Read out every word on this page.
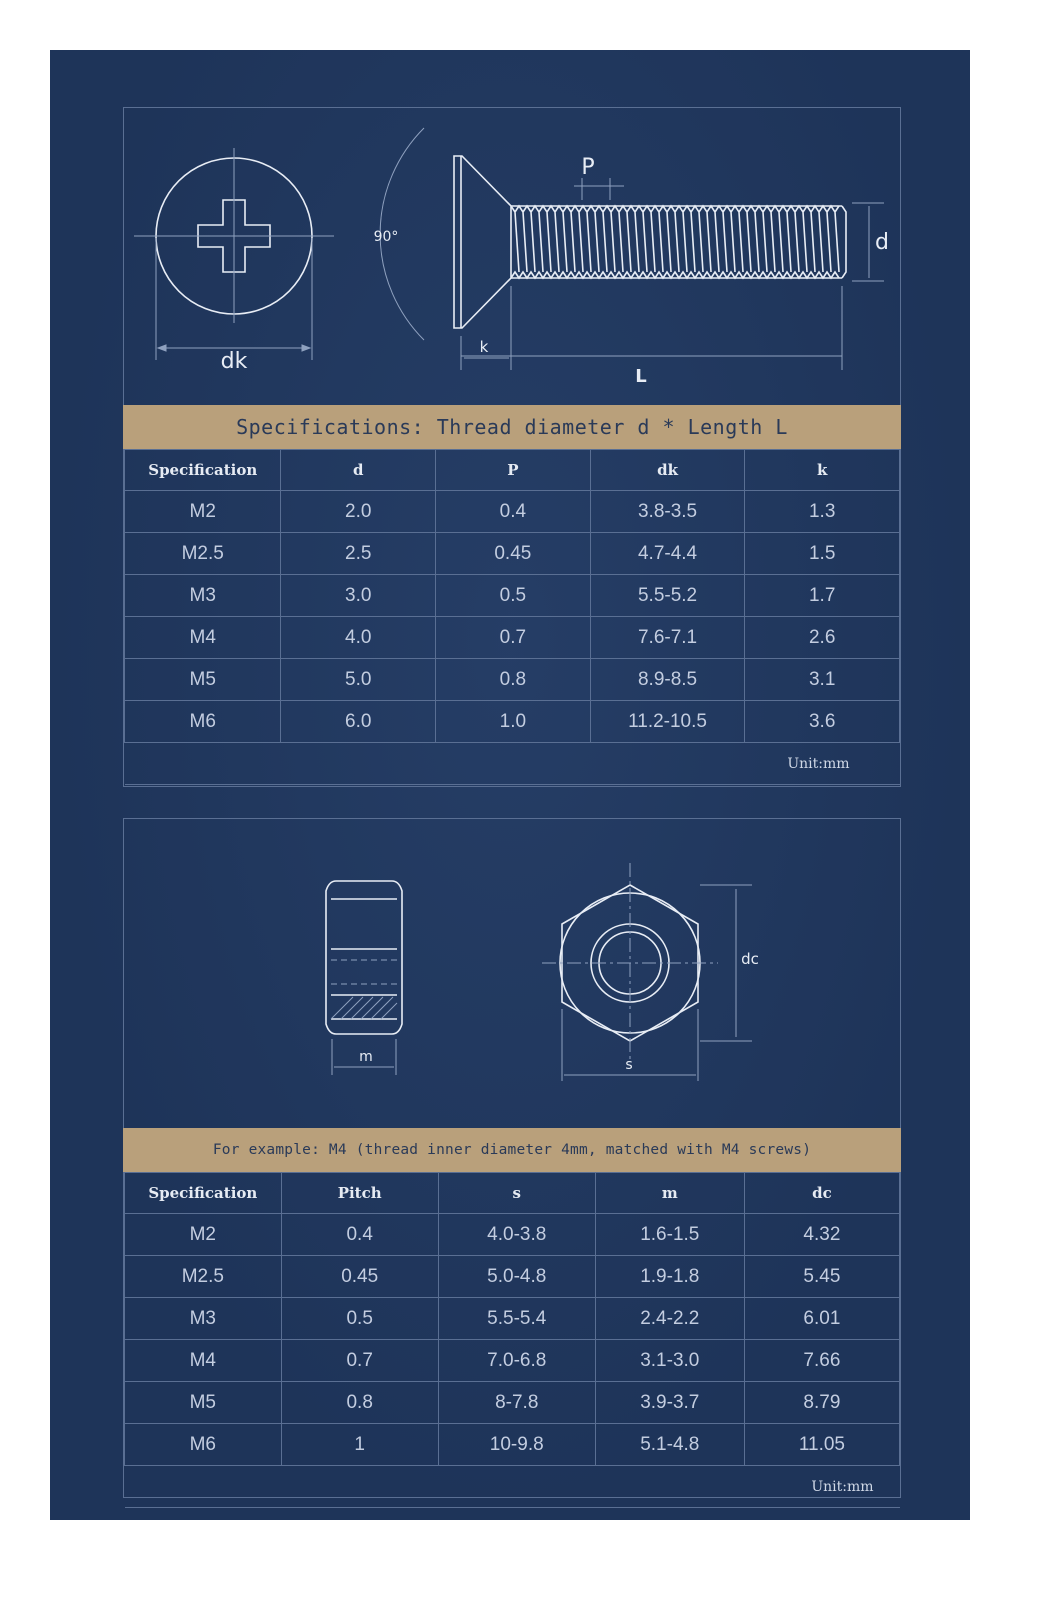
dk
90°
P
d
k
L
Specifications: Thread diameter d * Length L
Specification	d	P	dk	k
M2	2.0	0.4	3.8-3.5	1.3
M2.5	2.5	0.45	4.7-4.4	1.5
M3	3.0	0.5	5.5-5.2	1.7
M4	4.0	0.7	7.6-7.1	2.6
M5	5.0	0.8	8.9-8.5	3.1
M6	6.0	1.0	11.2-10.5	3.6
Unit:mm				
m
dc
s
For example: M4 (thread inner diameter 4mm, matched with M4 screws)
Specification	Pitch	s	m	dc
M2	0.4	4.0-3.8	1.6-1.5	4.32
M2.5	0.45	5.0-4.8	1.9-1.8	5.45
M3	0.5	5.5-5.4	2.4-2.2	6.01
M4	0.7	7.0-6.8	3.1-3.0	7.66
M5	0.8	8-7.8	3.9-3.7	8.79
M6	1	10-9.8	5.1-4.8	11.05
Unit:mm				
